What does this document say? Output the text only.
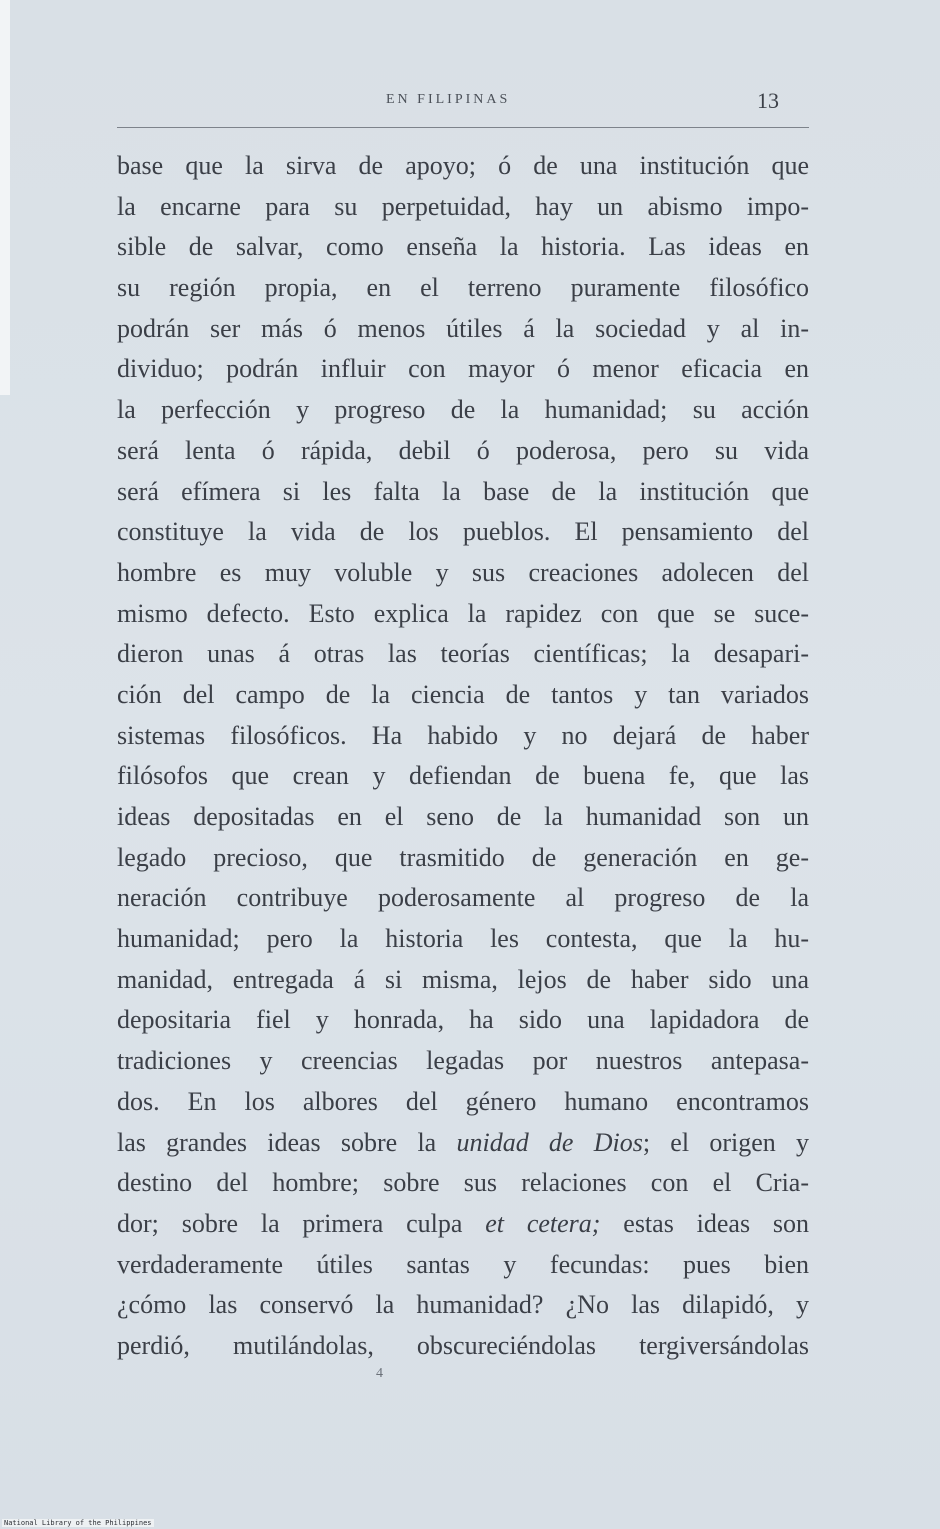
EN FILIPINAS	13
base que la sirva de apoyo; ó de una institución que
la encarne para su perpetuidad, hay un abismo impo-
sible de salvar, como enseña la historia. Las ideas en
su región propia, en el terreno puramente filosófico
podrán ser más ó menos útiles á la sociedad y al in-
dividuo; podrán influir con mayor ó menor eficacia en
la perfección y progreso de la humanidad; su acción
será lenta ó rápida, debil ó poderosa, pero su vida
será efímera si les falta la base de la institución que
constituye la vida de los pueblos. El pensamiento del
hombre es muy voluble y sus creaciones adolecen del
mismo defecto. Esto explica la rapidez con que se suce-
dieron unas á otras las teorías científicas; la desapari-
ción del campo de la ciencia de tantos y tan variados
sistemas filosóficos. Ha habido y no dejará de haber
filósofos que crean y defiendan de buena fe, que las
ideas depositadas en el seno de la humanidad son un
legado precioso, que trasmitido de generación en ge-
neración contribuye poderosamente al progreso de la
humanidad; pero la historia les contesta, que la hu-
manidad, entregada á si misma, lejos de haber sido una
depositaria fiel y honrada, ha sido una lapidadora de
tradiciones y creencias legadas por nuestros antepasa-
dos. En los albores del género humano encontramos
las grandes ideas sobre la unidad de Dios; el origen y
destino del hombre; sobre sus relaciones con el Cria-
dor; sobre la primera culpa et cetera; estas ideas son
verdaderamente útiles santas y fecundas: pues bien
¿cómo las conservó la humanidad? ¿No las dilapidó, y
perdió, mutilándolas, obscureciéndolas tergiversándolas
4
National Library of the Philippines
